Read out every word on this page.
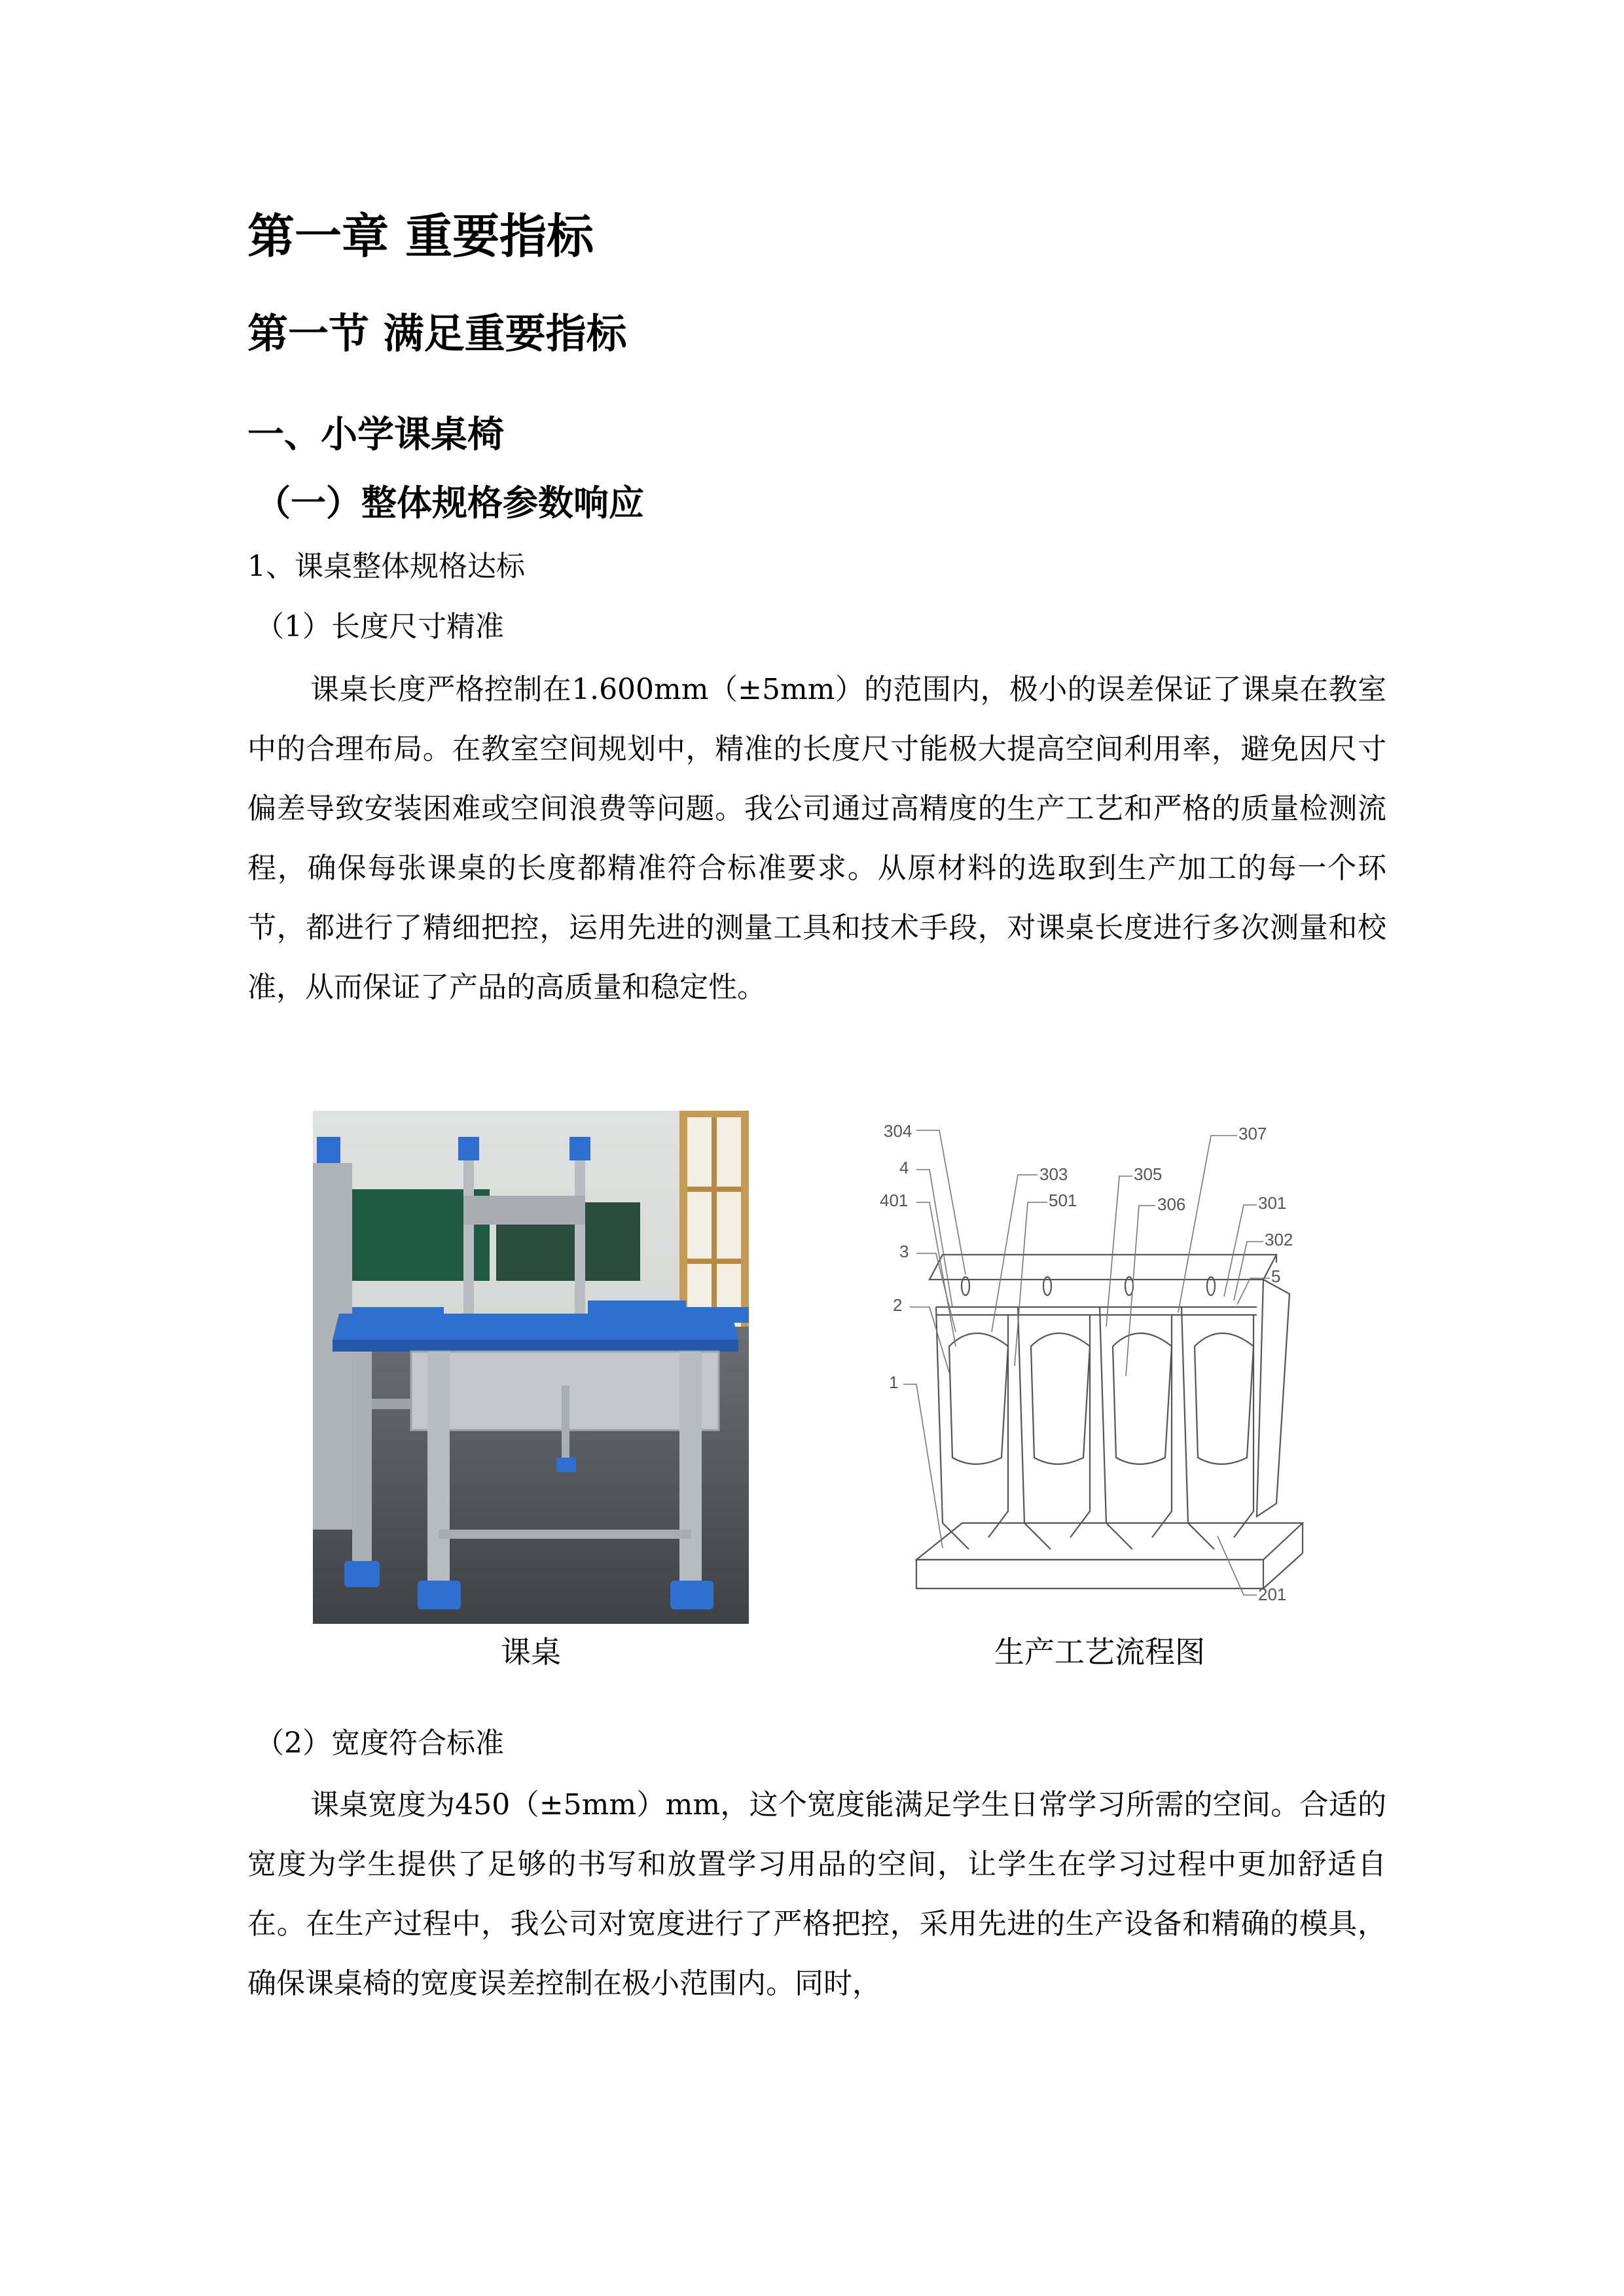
第一章 重要指标
第一节 满足重要指标
一、小学课桌椅
（一）整体规格参数响应
1、课桌整体规格达标
（1）长度尺寸精准

课桌长度严格控制在1.600mm（±5mm）的范围内，极小的误差保证了课桌在教室中的合理布局。在教室空间规划中，精准的长度尺寸能极大提高空间利用率，避免因尺寸偏差导致安装困难或空间浪费等问题。我公司通过高精度的生产工艺和严格的质量检测流程，确保每张课桌的长度都精准符合标准要求。从原材料的选取到生产加工的每一个环节，都进行了精细把控，运用先进的测量工具和技术手段，对课桌长度进行多次测量和校准，从而保证了产品的高质量和稳定性。

304
303
4
501
305
307
401	306	301
3
302
2
5
1
201
课桌	生产工艺流程图
（2）宽度符合标准

课桌宽度为450（±5mm）mm，这个宽度能满足学生日常学习所需的空间。合适的宽度为学生提供了足够的书写和放置学习用品的空间，让学生在学习过程中更加舒适自在。在生产过程中，我公司对宽度进行了严格把控，采用先进的生产设备和精确的模具，确保课桌椅的宽度误差控制在极小范围内。同时，
